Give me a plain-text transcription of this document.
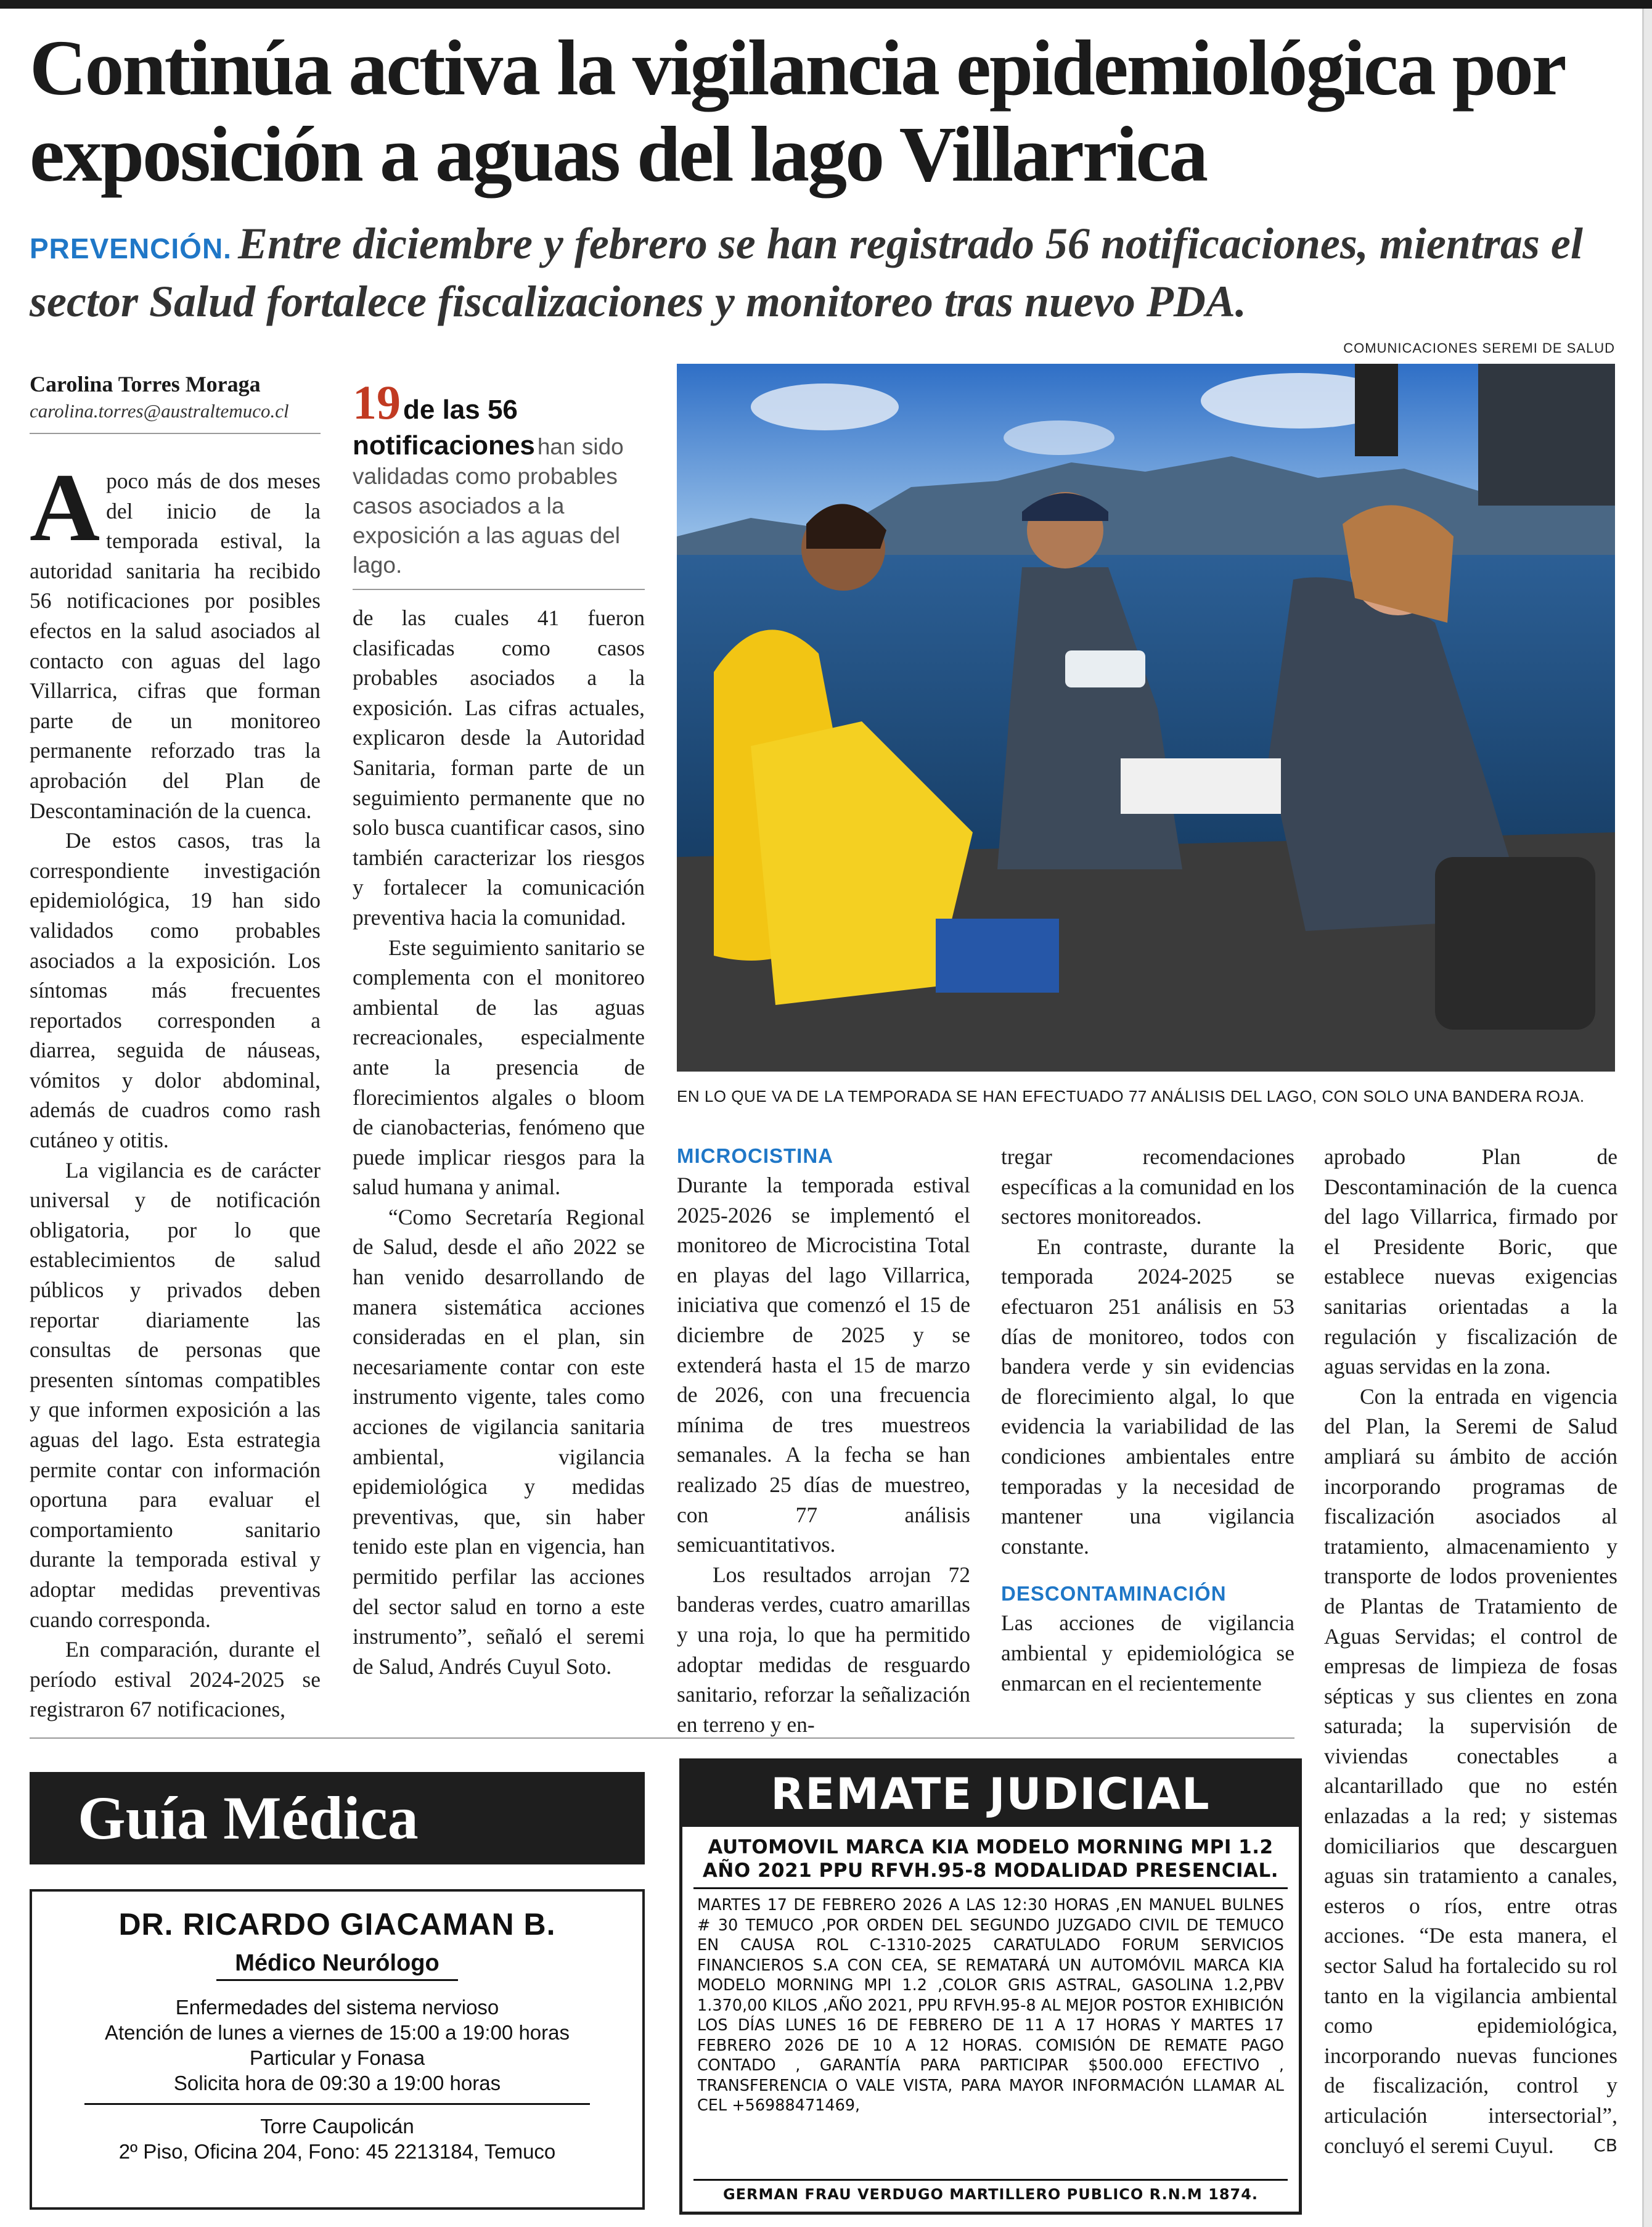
Continúa activa la vigilancia epidemiológica por exposición a aguas del lago Villarrica

PREVENCIÓN. Entre diciembre y febrero se han registrado 56 notificaciones, mientras el sector Salud fortalece fiscalizaciones y monitoreo tras nuevo PDA.

COMUNICACIONES SEREMI DE SALUD
Carolina Torres Moraga
carolina.torres@australtemuco.cl	19 de las 56 notificaciones han sido validadas como probables casos asociados a la exposición a las aguas del lago.

Apoco más de dos meses del inicio de la temporada estival, la autoridad sanitaria ha recibido 56 notificaciones por posibles efectos en la salud asociados al contacto con aguas del lago Villarrica, cifras que forman parte de un monitoreo permanente reforzado tras la aprobación del Plan de Descontaminación de la cuenca.

De estos casos, tras la correspondiente investigación epidemiológica, 19 han sido validados como probables asociados a la exposición. Los síntomas más frecuentes reportados corresponden a diarrea, seguida de náuseas, vómitos y dolor abdominal, además de cuadros como rash cutáneo y otitis.

La vigilancia es de carácter universal y de notificación obligatoria, por lo que establecimientos de salud públicos y privados deben reportar diariamente las consultas de personas que presenten síntomas compatibles y que informen exposición a las aguas del lago. Esta estrategia permite contar con información oportuna para evaluar el comportamiento sanitario durante la temporada estival y adoptar medidas preventivas cuando corresponda.

En comparación, durante el período estival 2024-2025 se registraron 67 notificaciones,

de las cuales 41 fueron clasificadas como casos probables asociados a la exposición. Las cifras actuales, explicaron desde la Autoridad Sanitaria, forman parte de un seguimiento permanente que no solo busca cuantificar casos, sino también caracterizar los riesgos y fortalecer la comunicación preventiva hacia la comunidad.

Este seguimiento sanitario se complementa con el monitoreo ambiental de las aguas recreacionales, especialmente ante la presencia de florecimientos algales o bloom de cianobacterias, fenómeno que puede implicar riesgos para la salud humana y animal.

“Como Secretaría Regional de Salud, desde el año 2022 se han venido desarrollando de manera sistemática acciones consideradas en el plan, sin necesariamente contar con este instrumento vigente, tales como acciones de vigilancia sanitaria ambiental, vigilancia epidemiológica y medidas preventivas, que, sin haber tenido este plan en vigencia, han permitido perfilar las acciones del sector salud en torno a este instrumento”, señaló el seremi de Salud, Andrés Cuyul Soto.

EN LO QUE VA DE LA TEMPORADA SE HAN EFECTUADO 77 ANÁLISIS DEL LAGO, CON SOLO UNA BANDERA ROJA.
MICROCISTINA

Durante la temporada estival 2025-2026 se implementó el monitoreo de Microcistina Total en playas del lago Villarrica, iniciativa que comenzó el 15 de diciembre de 2025 y se extenderá hasta el 15 de marzo de 2026, con una frecuencia mínima de tres muestreos semanales. A la fecha se han realizado 25 días de muestreo, con 77 análisis semicuantitativos.

Los resultados arrojan 72 banderas verdes, cuatro amarillas y una roja, lo que ha permitido adoptar medidas de resguardo sanitario, reforzar la señalización en terreno y en-

tregar recomendaciones específicas a la comunidad en los sectores monitoreados.

En contraste, durante la temporada 2024-2025 se efectuaron 251 análisis en 53 días de monitoreo, todos con bandera verde y sin evidencias de florecimiento algal, lo que evidencia la variabilidad de las condiciones ambientales entre temporadas y la necesidad de mantener una vigilancia constante.

DESCONTAMINACIÓN

Las acciones de vigilancia ambiental y epidemiológica se enmarcan en el recientemente

aprobado Plan de Descontaminación de la cuenca del lago Villarrica, firmado por el Presidente Boric, que establece nuevas exigencias sanitarias orientadas a la regulación y fiscalización de aguas servidas en la zona.

Con la entrada en vigencia del Plan, la Seremi de Salud ampliará su ámbito de acción incorporando programas de fiscalización asociados al tratamiento, almacenamiento y transporte de lodos provenientes de Plantas de Tratamiento de Aguas Servidas; el control de empresas de limpieza de fosas sépticas y sus clientes en zona saturada; la supervisión de viviendas conectables a alcantarillado que no estén enlazadas a la red; y sistemas domiciliarios que descarguen aguas sin tratamiento a canales, esteros o ríos, entre otras acciones. “De esta manera, el sector Salud ha fortalecido su rol tanto en la vigilancia ambiental como epidemiológica, incorporando nuevas funciones de fiscalización, control y articulación intersectorial”, concluyó el seremi Cuyul.	CB

Guía Médica
DR. RICARDO GIACAMAN B.
Médico Neurólogo
Enfermedades del sistema nervioso
Atención de lunes a viernes de 15:00 a 19:00 horas
Particular y Fonasa
Solicita hora de 09:30 a 19:00 horas
Torre Caupolicán
2º Piso, Oficina 204, Fono: 45 2213184, Temuco
REMATE JUDICIAL
AUTOMOVIL MARCA KIA MODELO MORNING MPI 1.2
AÑO 2021 PPU RFVH.95-8 MODALIDAD PRESENCIAL.
MARTES 17 DE FEBRERO 2026 A LAS 12:30 HORAS ,EN MANUEL BULNES # 30 TEMUCO ,POR ORDEN DEL SEGUNDO JUZGADO CIVIL DE TEMUCO EN CAUSA ROL C-1310-2025 CARATULADO FORUM SERVICIOS FINANCIEROS S.A CON CEA, SE REMATARÁ UN AUTOMÓVIL MARCA KIA MODELO MORNING MPI 1.2 ,COLOR GRIS ASTRAL, GASOLINA 1.2,PBV 1.370,00 KILOS ,AÑO 2021, PPU RFVH.95-8 AL MEJOR POSTOR EXHIBICIÓN LOS DÍAS LUNES 16 DE FEBRERO DE 11 A 17 HORAS Y MARTES 17 FEBRERO 2026 DE 10 A 12 HORAS. COMISIÓN DE REMATE PAGO CONTADO , GARANTÍA PARA PARTICIPAR $500.000 EFECTIVO , TRANSFERENCIA O VALE VISTA, PARA MAYOR INFORMACIÓN LLAMAR AL CEL +56988471469,
GERMAN FRAU VERDUGO MARTILLERO PUBLICO R.N.M 1874.
